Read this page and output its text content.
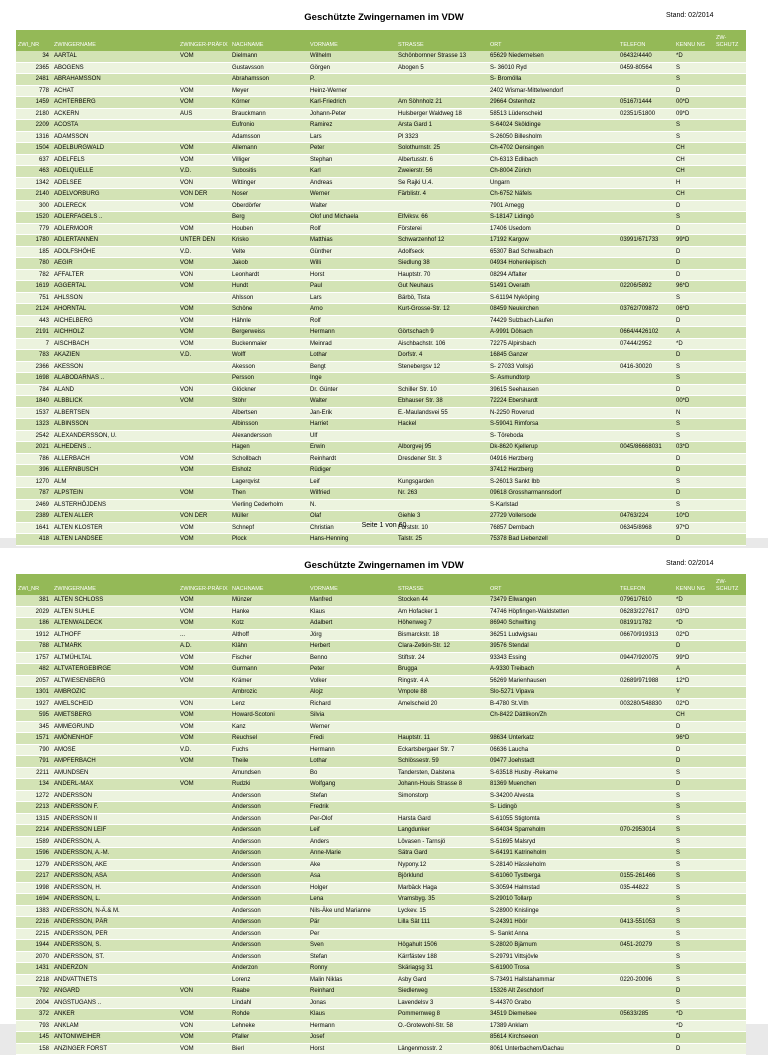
Geschützte Zwingernamen im VDW	Stand: 02/2014
ZWI_NR	ZWINGERNAME	ZWINGER-PRÄFIX	NACHNAME	VORNAME	STRASSE	ORT	TELEFON	KENNU NG	ZW-SCHUTZ
34	AARTAL	VOM	Dielmann	Wilhelm	Schönbornner Strasse 13	65629 Niedernelsen	06432/4440	*D	
2365	ABOGENS		Gustavsson	Görgen	Abogen 5	S- 36010 Ryd	0459-80564	S	
2481	ABRAHAMSSON		Abrahamsson	P.		S- Bromölla		S	
778	ACHAT	VOM	Meyer	Heinz-Werner		2402 Wismar-Mittelwendorf		D	
1459	ACHTERBERG	VOM	Körner	Karl-Friedrich	Am Söhnholz 21	29664 Ostenholz	05167/1444	00*D	
2180	ACKERN	AUS	Brauckmann	Johann-Peter	Hulsberger Waldweg 18	58513 Lüdenscheid	02351/51800	09*D	
2209	ACOSTA		Eufronio	Ramirez	Arsta Gard 1	S-64024 Sköldinge		S	
1316	ADAMSSON		Adamsson	Lars	Pl 3323	S-26050 Billesholm		S	
1504	ADELBURGWALD	VOM	Allemann	Peter	Solothurnstr. 25	Ch-4702 Oensingen		CH	
637	ADELFELS	VOM	Villiger	Stephan	Albertusstr. 6	Ch-6313 Edlibach		CH	
463	ADELQUELLE	V.D.	Subositis	Karl	Zweierstr. 56	Ch-8004 Zürich		CH	
1342	ADELSEE	VON	Wittinger	Andreas	Se Rajki U.4.	Ungarn		H	
2140	ADELVORBURG	VON DER	Noser	Werner	Färblistr. 4	Ch-6752 Näfels		CH	
300	ADLERECK	VOM	Oberdörfer	Walter		7901 Arnegg		D	
1520	ADLERFAGELS ..		Berg	Olof und Michaela	Elfviksv. 66	S-18147 Lidingö		S	
779	ADLERMOOR	VOM	Houben	Rolf	Försterei	17406 Usedom		D	
1780	ADLERTANNEN	UNTER DEN	Krisko	Matthias	Schwarzenhof 12	17192 Kargow	03991/671733	99*D	
185	ADOLFSHÖHE	V.D.	Velte	Günther	Adolfseck	65307 Bad Schwalbach		D	
780	AEGIR	VOM	Jakob	Willi	Siedlung 38	04934 Hohenleipisch		D	
782	AFFALTER	VON	Leonhardt	Horst	Hauptstr. 70	08294 Affalter		D	
1619	AGGERTAL	VOM	Hundt	Paul	Gut Neuhaus	51491 Overath	02206/5892	96*D	
751	AHLSSON		Ahlsson	Lars	Bärbö, Tista	S-61194 Nyköping		S	
2124	AHORNTAL	VOM	Schöne	Arno	Kurt-Grosse-Str. 12	08459 Neukirchen	03762/709872	06*D	
443	AICHELBERG	VOM	Hähnle	Rolf		74429 Sulzbach-Laufen		D	
2191	AICHHOLZ	VOM	Bergerweiss	Hermann	Görtschach 9	A-9991 Dölsach	0664/4426102	A	
7	AISCHBACH	VOM	Buckenmaier	Meinrad	Aischbachstr. 106	72275 Alpirsbach	07444/2952	*D	
783	AKAZIEN	V.D.	Wolff	Lothar	Dorfstr. 4	16845 Ganzer		D	
2366	AKESSON		Akesson	Bengt	Stenebergsv 12	S- 27033 Vollsjö	0416-30020	S	
1698	ALABODARNAS ..		Persson	Inge		S- Asmundtorp		S	
784	ALAND	VON	Glöckner	Dr. Günter	Schiller Str. 10	39615 Seehausen		D	
1840	ALBBLICK	VOM	Stöhr	Walter	Ebhauser Str. 38	72224 Ebershardt		00*D	
1537	ALBERTSEN		Albertsen	Jan-Erik	E.-Maulandsvei 55	N-2250 Roverud		N	
1323	ALBINSSON		Albinsson	Harriet	Hackel	S-59041 Rimforsa		S	
2542	ALEXANDERSSON, U.		Alexandersson	Ulf		S- Töreboda		S	
2021	ALHEDENS ..		Hagen	Erwin	Alborgvej 95	Dk-8620 Kjellerup	0045/86668031	03*D	
786	ALLERBACH	VOM	Schollbach	Reinhardt	Dresdener Str. 3	04916 Herzberg		D	
396	ALLERNBUSCH	VOM	Elsholz	Rüdiger		37412 Herzberg		D	
1270	ALM		Lagerqvist	Leif	Kungsgarden	S-26013 Sankt Ibb		S	
787	ALPSTEIN	VOM	Then	Wilfried	Nr. 263	09618 Grossharmannsdorf		D	
2469	ALSTERHÖJDENS		Vierling Cederholm	N.		S-Karlstad		S	
2389	ALTEN ALLER	VON DER	Müller	Olaf	Giehle 3	27729 Vollersode	04763/224	10*D	
1641	ALTEN KLOSTER	VOM	Schnepf	Christian	Forststr. 10	76857 Dernbach	06345/8968	97*D	
418	ALTEN LANDSEE	VOM	Plock	Hans-Henning	Talstr. 25	75378 Bad Liebenzell		D	
Seite 1 von 60
Geschützte Zwingernamen im VDW	Stand: 02/2014
ZWI_NR	ZWINGERNAME	ZWINGER-PRÄFIX	NACHNAME	VORNAME	STRASSE	ORT	TELEFON	KENNU NG	ZW-SCHUTZ
381	ALTEN SCHLOSS	VOM	Münzer	Manfred	Stocken 44	73479 Ellwangen	07961/7610	*D	
2029	ALTEN SUHLE	VOM	Hanke	Klaus	Am Hofacker 1	74746 Höpfingen-Waldstetten	06283/227617	03*D	
186	ALTENWALDECK	VOM	Kotz	Adalbert	Höhenweg 7	86940 Schwifting	08191/1782	*D	
1912	ALTHOFF	...	Althoff	Jörg	Bismarckstr. 18	36251 Ludwigsau	06670/919313	02*D	
788	ALTMARK	A.D.	Klähn	Herbert	Clara-Zetkin-Str. 12	39576 Stendal		D	
1757	ALTMÜHLTAL	VOM	Fischer	Benno	Stiftstr. 24	93343 Essing	09447/920075	99*D	
482	ALTVATERGEBIRGE	VOM	Gurmann	Peter	Brugga	A-9330 Treibach		A	
2057	ALTWIESENBERG	VOM	Krämer	Volker	Ringstr. 4 A	56269 Marienhausen	02689/971988	12*D	
1301	AMBROZIC		Ambrozic	Alojz	Vmpote 88	Slo-5271 Vipava		Y	
1927	AMELSCHEID	VON	Lenz	Richard	Amelscheid 20	B-4780 St.Vith	003280/548830	02*D	
595	AMETSBERG	VOM	Howard-Scotoni	Silvia		Ch-8422 Dättlikon/Zh		CH	
345	AMMEGRUND	VOM	Kanz	Werner				D	
1571	AMÖNENHOF	VOM	Reuchsel	Fredi	Hauptstr. 11	98634 Unterkatz		96*D	
790	AMOSE	V.D.	Fuchs	Hermann	Eckartsbergaer Str. 7	06636 Laucha		D	
791	AMPFERBACH	VOM	Theile	Lothar	Schlössestr. 59	09477 Joehstadt		D	
2211	AMUNDSEN		Amundsen	Bo	Tandersten, Dalstena	S-63518 Husby -Rekarne		S	
134	ANDERL-MAX	VOM	Rudzki	Wolfgang	Johann-Houis Strasse 8	81369 Muenchen		D	
1272	ANDERSSON		Andersson	Stefan	Simonstorp	S-34200 Alvesta		S	
2213	ANDERSSON F.		Andersson	Fredrik		S- Lidingö		S	
1315	ANDERSSON II		Andersson	Per-Olof	Harsta Gard	S-61055 Stigtomta		S	
2214	ANDERSSON LEIF		Andersson	Leif	Langdunker	S-64034 Sparreholm	070-2953014	S	
1589	ANDERSSON, A.		Andersson	Anders	Lövasen - Tarnsjö	S-51695 Malsryd		S	
1596	ANDERSSON, A.-M.		Andersson	Anne-Marie	Sätra Gard	S-64191 Katrineholm		S	
1279	ANDERSSON, AKE		Andersson	Ake	Nypony.12	S-28140 Hässleholm		S	
2217	ANDERSSON, ASA		Andersson	Asa	Björklund	S-61060 Tystberga	0155-261466	S	
1998	ANDERSSON, H.		Andersson	Holger	Marbäck Haga	S-30594 Halmstad	035-44822	S	
1694	ANDERSSON, L.		Andersson	Lena	Vramsbyg. 35	S-29010 Tollarp		S	
1383	ANDERSSON, N-Ä.& M.		Andersson	Nils-Äke und Marianne	Lyckev. 15	S-28900 Knislinge		S	
2216	ANDERSSON, PÄR		Andersson	Pär	Lilla Sät 111	S-24391 Höör	0413-551053	S	
2215	ANDERSSON, PER		Andersson	Per		S- Sankt Anna		S	
1944	ANDERSSON, S.		Andersson	Sven	Högahult 1506	S-28020 Bjärnum	0451-20279	S	
2070	ANDERSSON, ST.		Andersson	Stefan	Kärrfästev 188	S-29791 Vittsjövle		S	
1431	ANDERZON		Anderzon	Ronny	Skäriagsg 31	S-61900 Trosa		S	
2218	ANDVATTNETS		Lorenz	Malin Niklas	Asby Gard	S-73491 Hallstahammar	0220-20096	S	
792	ANGARD	VON	Raabe	Reinhard	Siedlerweg	15326 Alt Zeschdorf		D	
2004	ANGSTUGANS ..		Lindahl	Jonas	Lavendelsv 3	S-44370 Grabo		S	
372	ANKER	VOM	Rohde	Klaus	Pommernweg 8	34519 Diemelsee	05633/285	*D	
793	ANKLAM	VON	Lehneke	Hermann	O.-Grotewohl-Str. 58	17389 Anklam		*D	
145	ANTONIWEIHER	VOM	Pfaller	Josef		85614 Kirchseeon		D	
158	ANZINGER FORST	VOM	Bierl	Horst	Längenmosstr. 2	8061 Unterbachern/Dachau		D	
